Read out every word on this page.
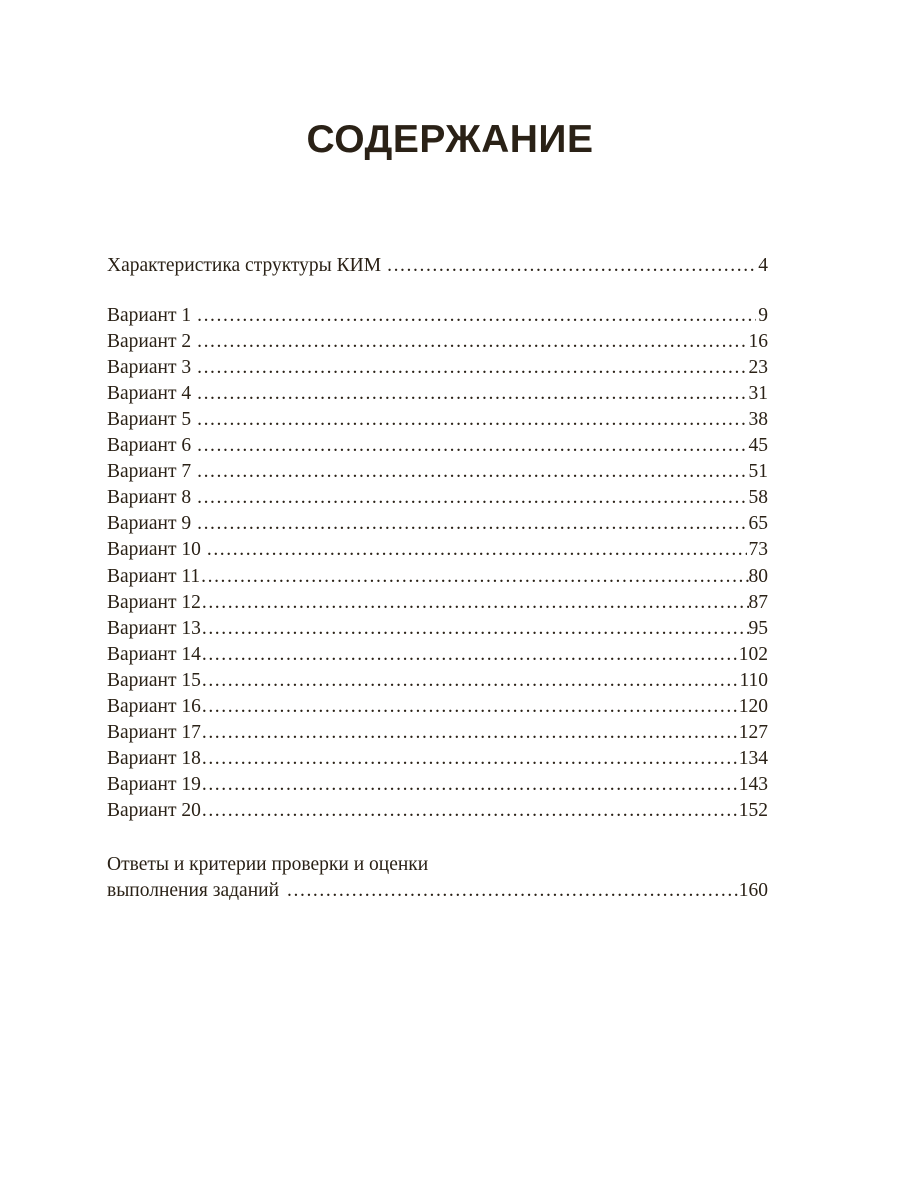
СОДЕРЖАНИЕ
Характеристика структуры КИМ .....	4
Вариант 1 .....	9
Вариант 2 .....	16
Вариант 3 .....	23
Вариант 4 .....	31
Вариант 5 .....	38
Вариант 6 .....	45
Вариант 7 .....	51
Вариант 8 .....	58
Вариант 9 .....	65
Вариант 10 .....	73
Вариант 11 .....	80
Вариант 12 .....	87
Вариант 13 .....	95
Вариант 14 .....	102
Вариант 15 .....	110
Вариант 16 .....	120
Вариант 17 .....	127
Вариант 18 .....	134
Вариант 19 .....	143
Вариант 20 .....	152
Ответы и критерии проверки и оценки
выполнения заданий .....	160
